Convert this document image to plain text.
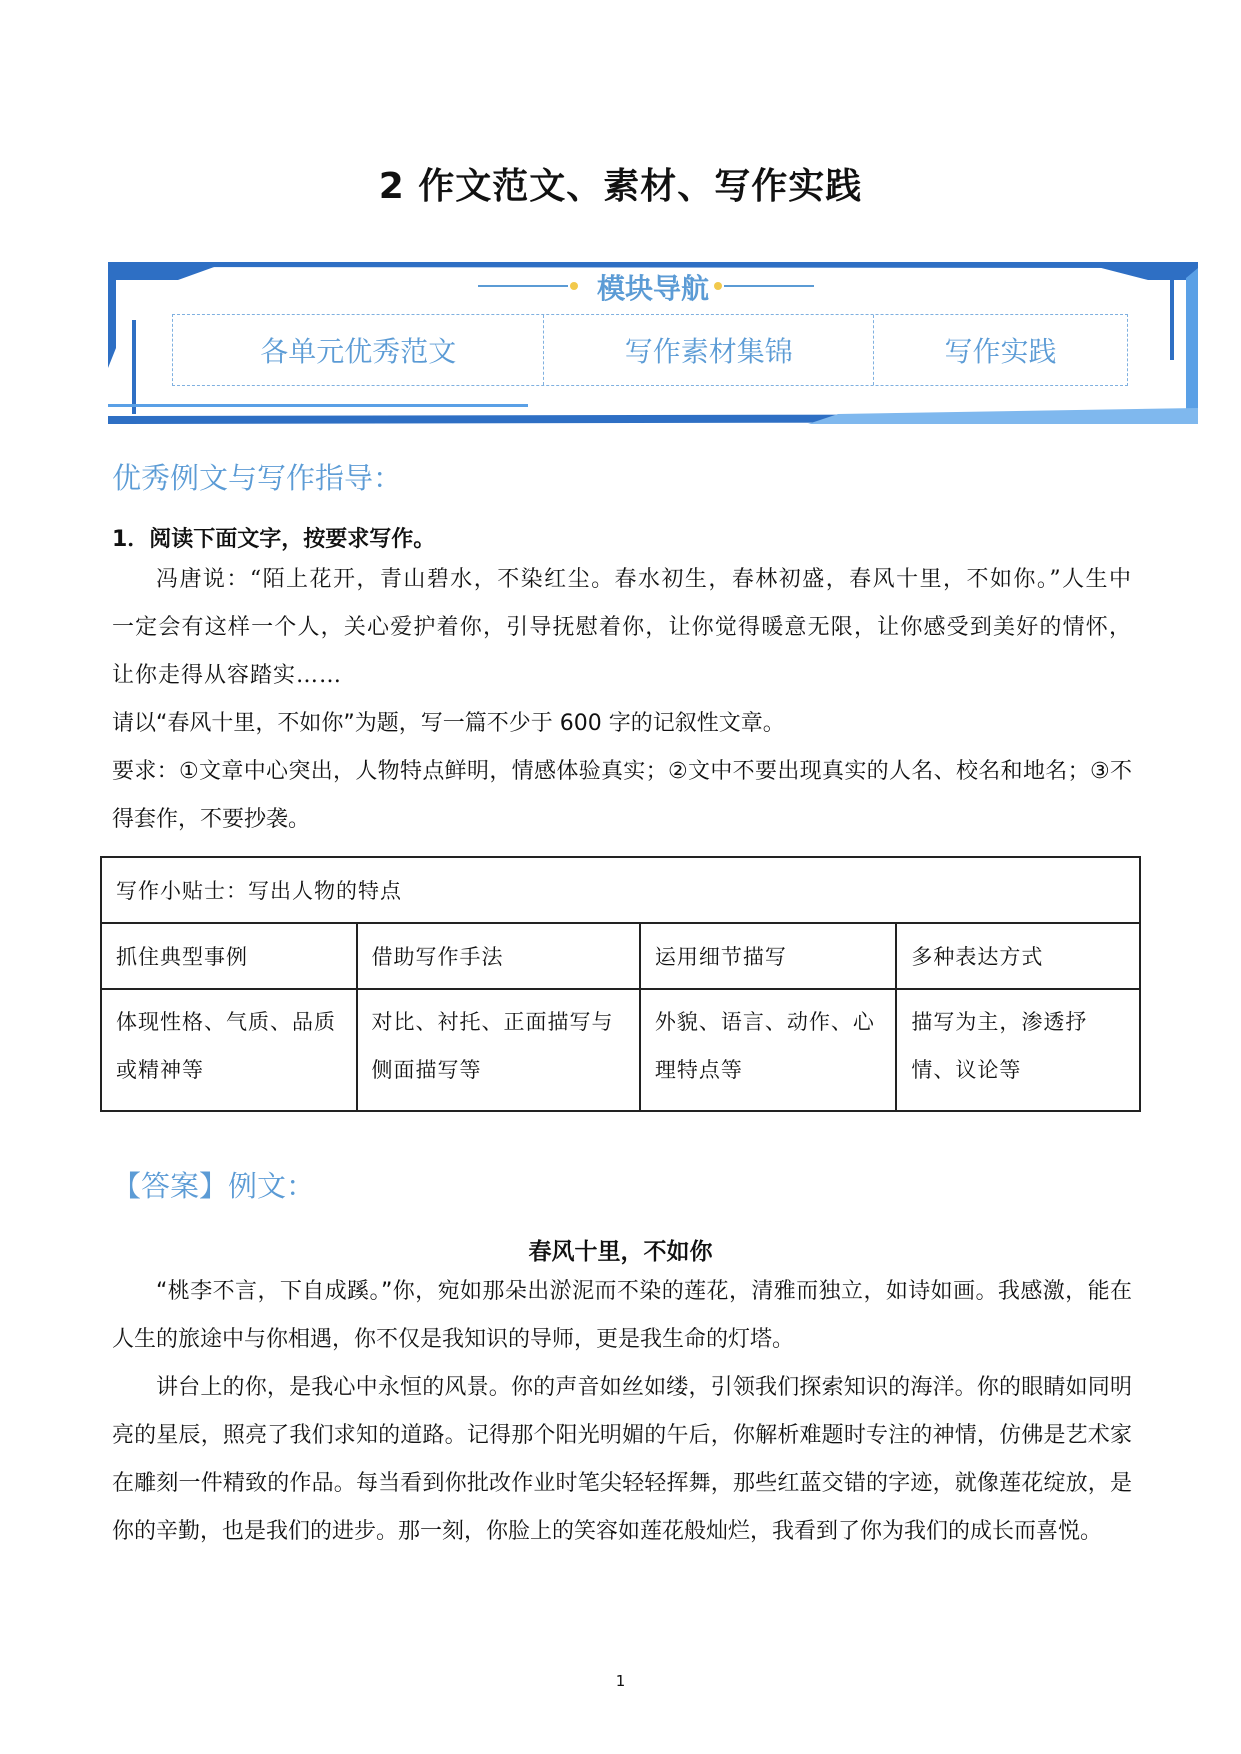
2 作文范文、素材、写作实践
模块导航
各单元优秀范文	写作素材集锦	写作实践
优秀例文与写作指导：
1．阅读下面文字，按要求写作。

冯唐说：“陌上花开，青山碧水，不染红尘。春水初生，春林初盛，春风十里，不如你。”人生中一定会有这样一个人，关心爱护着你，引导抚慰着你，让你觉得暖意无限，让你感受到美好的情怀，让你走得从容踏实……

请以“春风十里，不如你”为题，写一篇不少于 600 字的记叙性文章。

要求：①文章中心突出，人物特点鲜明，情感体验真实；②文中不要出现真实的人名、校名和地名；③不得套作，不要抄袭。

写作小贴士：写出人物的特点			
抓住典型事例	借助写作手法	运用细节描写	多种表达方式
体现性格、气质、品质或精神等	对比、衬托、正面描写与侧面描写等	外貌、语言、动作、心理特点等	描写为主，渗透抒情、议论等
【答案】例文：
春风十里，不如你

“桃李不言，下自成蹊。”你，宛如那朵出淤泥而不染的莲花，清雅而独立，如诗如画。我感激，能在人生的旅途中与你相遇，你不仅是我知识的导师，更是我生命的灯塔。

讲台上的你，是我心中永恒的风景。你的声音如丝如缕，引领我们探索知识的海洋。你的眼睛如同明亮的星辰，照亮了我们求知的道路。记得那个阳光明媚的午后，你解析难题时专注的神情，仿佛是艺术家在雕刻一件精致的作品。每当看到你批改作业时笔尖轻轻挥舞，那些红蓝交错的字迹，就像莲花绽放，是你的辛勤，也是我们的进步。那一刻，你脸上的笑容如莲花般灿烂，我看到了你为我们的成长而喜悦。

1
